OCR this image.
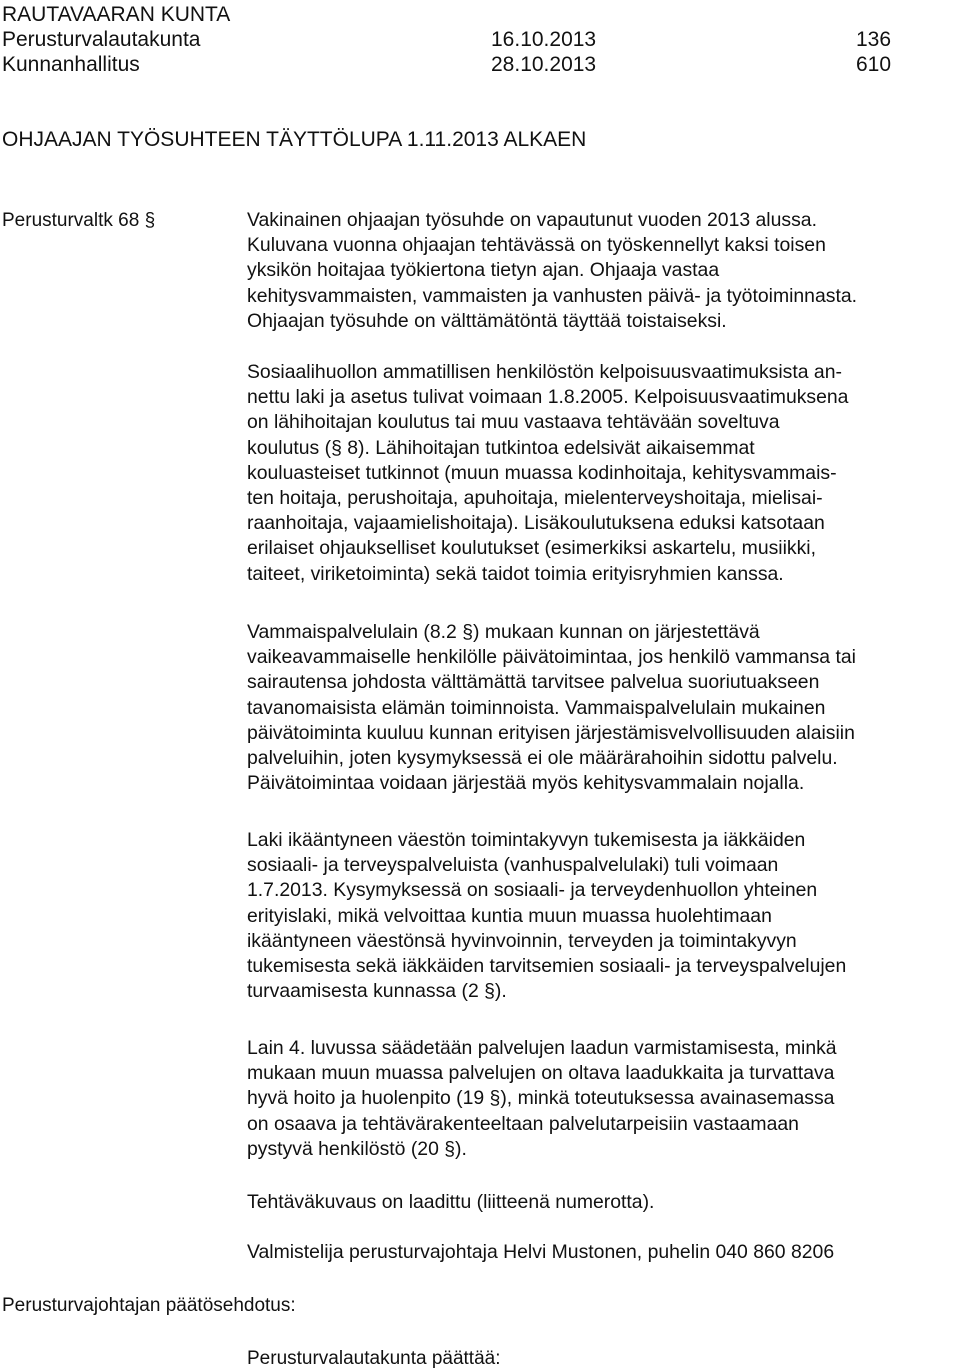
RAUTAVAARAN KUNTA
Perusturvalautakunta	16.10.2013	136
Kunnanhallitus	28.10.2013	610
OHJAAJAN TYÖSUHTEEN TÄYTTÖLUPA 1.11.2013 ALKAEN
Perusturvaltk 68 §	Vakinainen ohjaajan työsuhde on vapautunut vuoden 2013 alussa.
Kuluvana vuonna ohjaajan tehtävässä on työskennellyt kaksi toisen
yksikön hoitajaa työkiertona tietyn ajan. Ohjaaja vastaa
kehitysvammaisten, vammaisten ja vanhusten päivä- ja työtoiminnasta.
Ohjaajan työsuhde on välttämätöntä täyttää toistaiseksi.
Sosiaalihuollon ammatillisen henkilöstön kelpoisuusvaatimuksista an-
nettu laki ja asetus tulivat voimaan 1.8.2005. Kelpoisuusvaatimuksena
on lähihoitajan koulutus tai muu vastaava tehtävään soveltuva
koulutus (§ 8). Lähihoitajan tutkintoa edelsivät aikaisemmat
kouluasteiset tutkinnot (muun muassa kodinhoitaja, kehitysvammais-
ten hoitaja, perushoitaja, apuhoitaja, mielenterveyshoitaja, mielisai-
raanhoitaja, vajaamielishoitaja). Lisäkoulutuksena eduksi katsotaan
erilaiset ohjaukselliset koulutukset (esimerkiksi askartelu, musiikki,
taiteet, viriketoiminta) sekä taidot toimia erityisryhmien kanssa.
Vammaispalvelulain (8.2 §) mukaan kunnan on järjestettävä
vaikeavammaiselle henkilölle päivätoimintaa, jos henkilö vammansa tai
sairautensa johdosta välttämättä tarvitsee palvelua suoriutuakseen
tavanomaisista elämän toiminnoista. Vammaispalvelulain mukainen
päivätoiminta kuuluu kunnan erityisen järjestämisvelvollisuuden alaisiin
palveluihin, joten kysymyksessä ei ole määrärahoihin sidottu palvelu.
Päivätoimintaa voidaan järjestää myös kehitysvammalain nojalla.
Laki ikääntyneen väestön toimintakyvyn tukemisesta ja iäkkäiden
sosiaali- ja terveyspalveluista (vanhuspalvelulaki) tuli voimaan
1.7.2013. Kysymyksessä on sosiaali- ja terveydenhuollon yhteinen
erityislaki, mikä velvoittaa kuntia muun muassa huolehtimaan
ikääntyneen väestönsä hyvinvoinnin, terveyden ja toimintakyvyn
tukemisesta sekä iäkkäiden tarvitsemien sosiaali- ja terveyspalvelujen
turvaamisesta kunnassa (2 §).
Lain 4. luvussa säädetään palvelujen laadun varmistamisesta, minkä
mukaan muun muassa palvelujen on oltava laadukkaita ja turvattava
hyvä hoito ja huolenpito (19 §), minkä toteutuksessa avainasemassa
on osaava ja tehtävärakenteeltaan palvelutarpeisiin vastaamaan
pystyvä henkilöstö (20 §).
Tehtäväkuvaus on laadittu (liitteenä numerotta).
Valmistelija perusturvajohtaja Helvi Mustonen, puhelin 040 860 8206
Perusturvajohtajan päätösehdotus:
Perusturvalautakunta päättää:
